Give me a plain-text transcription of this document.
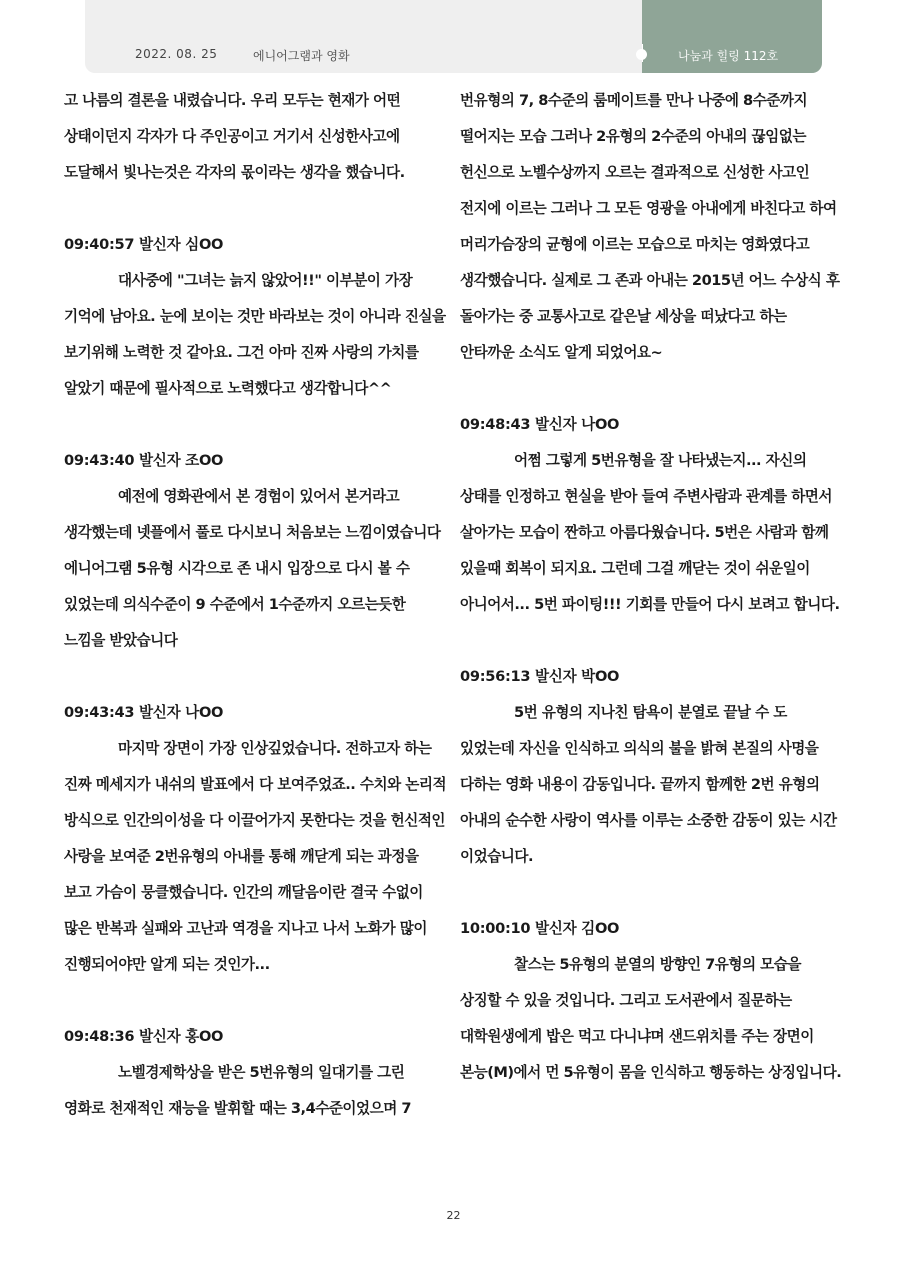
2022. 08. 25	에니어그램과 영화	나눔과 힐링 112호

고 나름의 결론을 내렸습니다. 우리 모두는 현재가 어떤 상태이던지 각자가 다 주인공이고 거기서 신성한사고에 도달해서 빛나는것은 각자의 몫이라는 생각을 했습니다.

09:40:57 발신자 심OO

대사중에 "그녀는 늙지 않았어!!" 이부분이 가장 기억에 남아요. 눈에 보이는 것만 바라보는 것이 아니라 진실을 보기위해 노력한 것 같아요. 그건 아마 진짜 사랑의 가치를 알았기 때문에 필사적으로 노력했다고 생각합니다^^

09:43:40 발신자 조OO

예전에 영화관에서 본 경험이 있어서 본거라고 생각했는데 넷플에서 풀로 다시보니 처음보는 느낌이였습니다 에니어그램 5유형 시각으로 존 내시 입장으로 다시 볼 수 있었는데 의식수준이 9 수준에서 1수준까지 오르는듯한 느낌을 받았습니다

09:43:43 발신자 나OO

마지막 장면이 가장 인상깊었습니다. 전하고자 하는 진짜 메세지가 내쉬의 발표에서 다 보여주었죠.. 수치와 논리적 방식으로 인간의이성을 다 이끌어가지 못한다는 것을 헌신적인 사랑을 보여준 2번유형의 아내를 통해 깨닫게 되는 과정을 보고 가슴이 뭉클했습니다. 인간의 깨달음이란 결국 수없이 많은 반복과 실패와 고난과 역경을 지나고 나서 노화가 많이 진행되어야만 알게 되는 것인가...

09:48:36 발신자 홍OO

노벨경제학상을 받은 5번유형의 일대기를 그린 영화로 천재적인 재능을 발휘할 때는 3,4수준이었으며 7

번유형의 7, 8수준의 룸메이트를 만나 나중에 8수준까지 떨어지는 모습 그러나 2유형의 2수준의 아내의 끊임없는 헌신으로 노벨수상까지 오르는 결과적으로 신성한 사고인 전지에 이르는 그러나 그 모든 영광을 아내에게 바친다고 하여 머리가슴장의 균형에 이르는 모습으로 마치는 영화였다고 생각했습니다. 실제로 그 존과 아내는 2015년 어느 수상식 후 돌아가는 중 교통사고로 같은날 세상을 떠났다고 하는 안타까운 소식도 알게 되었어요~

09:48:43 발신자 나OO

어쩜 그렇게 5번유형을 잘 나타냈는지... 자신의 상태를 인정하고 현실을 받아 들여 주변사람과 관계를 하면서 살아가는 모습이 짠하고 아름다웠습니다. 5번은 사람과 함께 있을때 회복이 되지요. 그런데 그걸 깨닫는 것이 쉬운일이 아니어서... 5번 파이팅!!! 기회를 만들어 다시 보려고 합니다.

09:56:13 발신자 박OO

5번 유형의 지나친 탐욕이 분열로 끝날 수 도 있었는데 자신을 인식하고 의식의 불을 밝혀 본질의 사명을 다하는 영화 내용이 감동입니다. 끝까지 함께한 2번 유형의 아내의 순수한 사랑이 역사를 이루는 소중한 감동이 있는 시간 이었습니다.

10:00:10 발신자 김OO

찰스는 5유형의 분열의 방향인 7유형의 모습을 상징할 수 있을 것입니다. 그리고 도서관에서 질문하는 대학원생에게 밥은 먹고 다니냐며 샌드위치를 주는 장면이 본능(M)에서 먼 5유형이 몸을 인식하고 행동하는 상징입니다.

22
